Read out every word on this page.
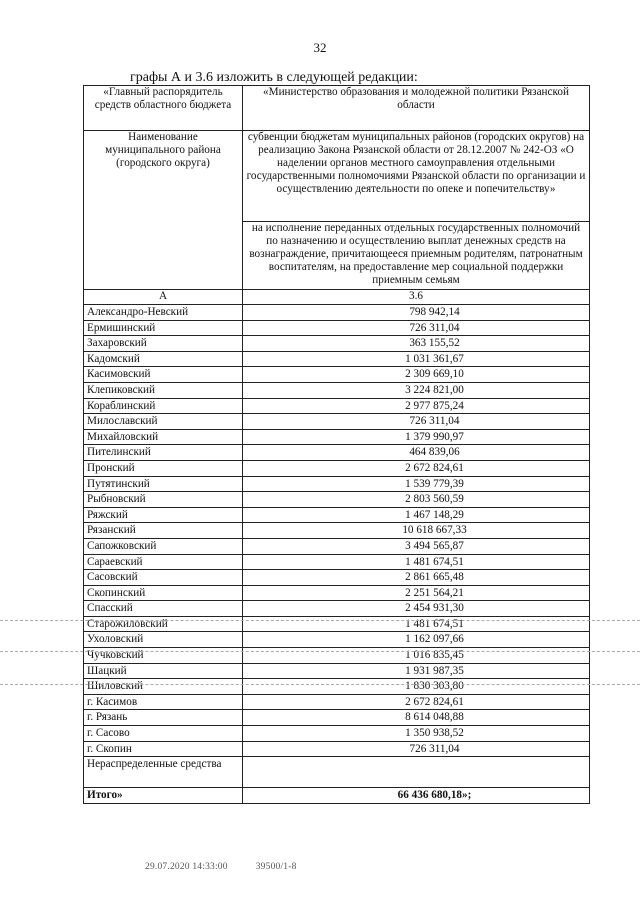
32
графы А и 3.6 изложить в следующей редакции:
«Главный распорядитель средств областного бюджета	«Министерство образования и молодежной политики Рязанской области
Наименование муниципального района (городского округа)	субвенции бюджетам муниципальных районов (городских округов) на реализацию Закона Рязанской области от 28.12.2007 № 242-ОЗ «О наделении органов местного самоуправления отдельными государственными полномочиями Рязанской области по организации и осуществлению деятельности по опеке и попечительству»
	на исполнение переданных отдельных государственных полномочий по назначению и осуществлению выплат денежных средств на вознаграждение, причитающееся приемным родителям, патронатным воспитателям, на предоставление мер социальной поддержки приемным семьям
А	3.6
Александро-Невский	798 942,14
Ермишинский	726 311,04
Захаровский	363 155,52
Кадомский	1 031 361,67
Касимовский	2 309 669,10
Клепиковский	3 224 821,00
Кораблинский	2 977 875,24
Милославский	726 311,04
Михайловский	1 379 990,97
Пителинский	464 839,06
Пронский	2 672 824,61
Путятинский	1 539 779,39
Рыбновский	2 803 560,59
Ряжский	1 467 148,29
Рязанский	10 618 667,33
Сапожковский	3 494 565,87
Сараевский	1 481 674,51
Сасовский	2 861 665,48
Скопинский	2 251 564,21
Спасский	2 454 931,30
Старожиловский	1 481 674,51
Ухоловский	1 162 097,66
Чучковский	1 016 835,45
Шацкий	1 931 987,35
Шиловский	1 830 303,80
г. Касимов	2 672 824,61
г. Рязань	8 614 048,88
г. Сасово	1 350 938,52
г. Скопин	726 311,04
Нераспределенные средства	
Итого»	66 436 680,18»;
29.07.2020 14:33:00	39500/1-8
